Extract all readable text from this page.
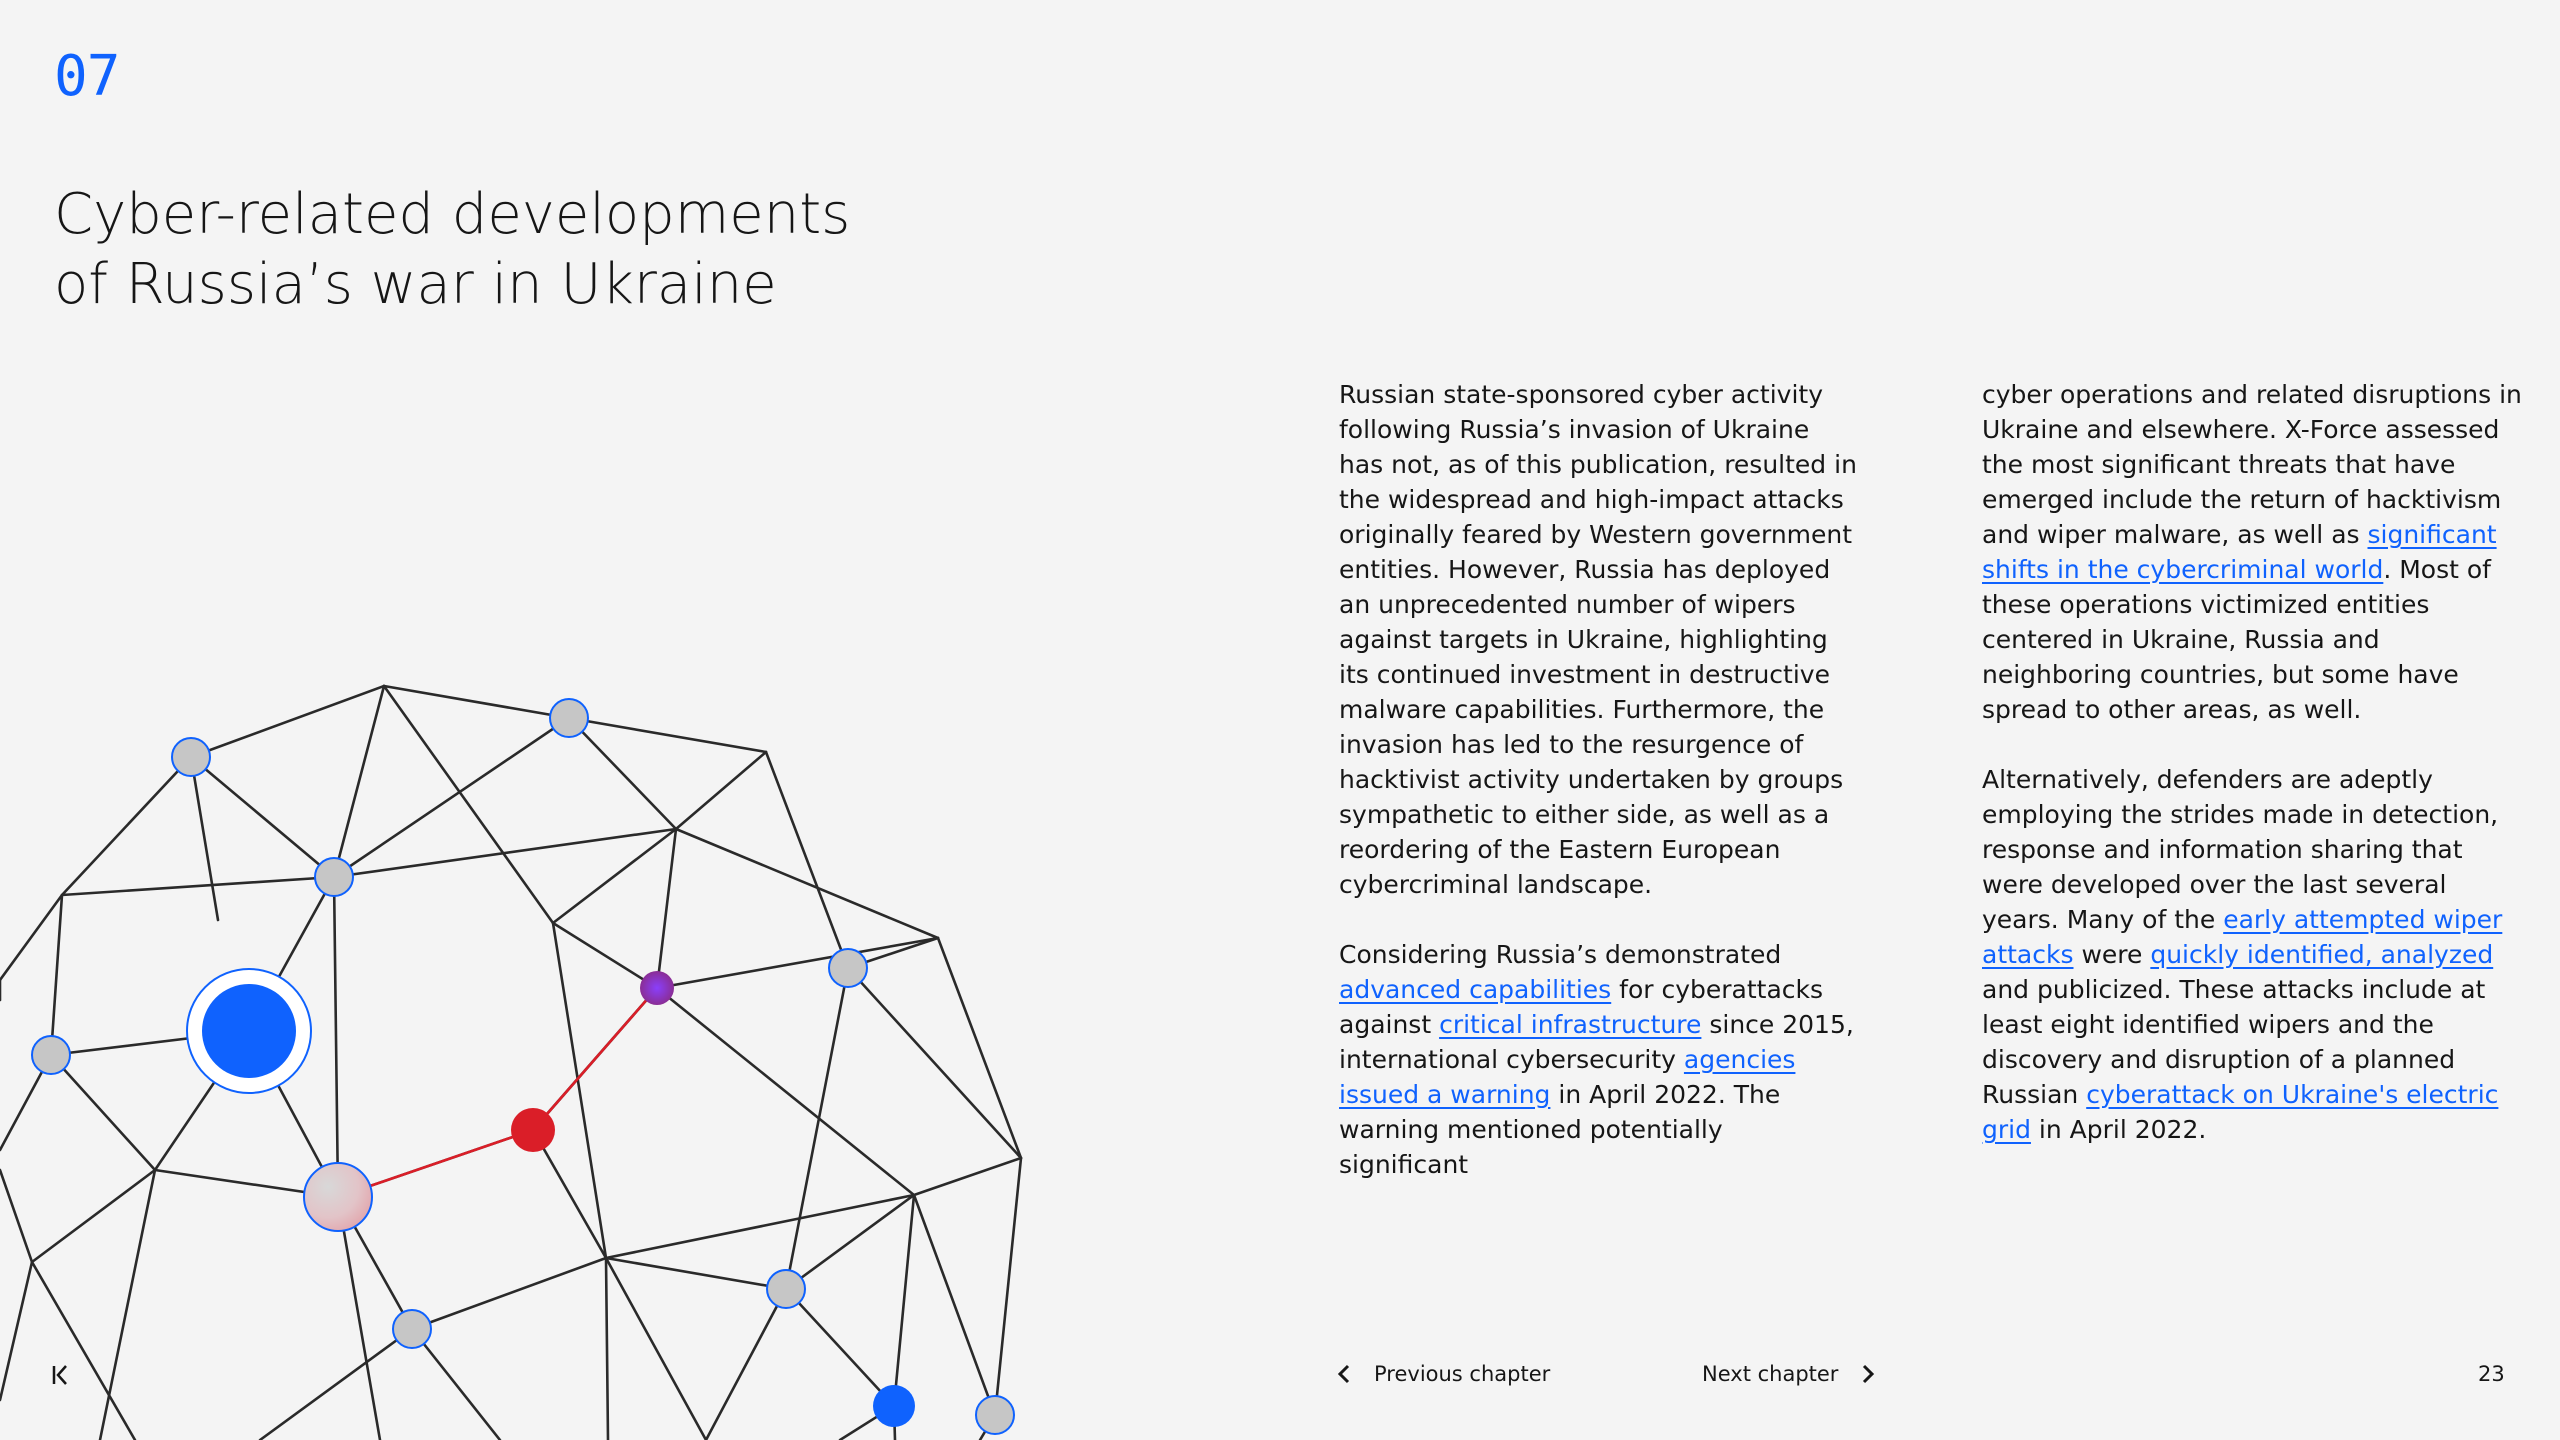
07
Cyber-related developments
of Russia’s war in Ukraine

Russian state-sponsored cyber activity following Russia’s invasion of Ukraine has not, as of this publication, resulted in the widespread and high-impact attacks originally feared by Western government entities. However, Russia has deployed an unprecedented number of wipers against targets in Ukraine, highlighting its continued investment in destructive malware capabilities. Furthermore, the invasion has led to the resurgence of hacktivist activity undertaken by groups sympathetic to either side, as well as a reordering of the Eastern European cybercriminal landscape.

Considering Russia’s demonstrated advanced capabilities for cyberattacks against critical infrastructure since 2015, international cybersecurity agencies issued a warning in April 2022. The warning mentioned potentially significant

cyber operations and related disruptions in Ukraine and elsewhere. X-Force assessed the most significant threats that have emerged include the return of hacktivism and wiper malware, as well as significant shifts in the cybercriminal world. Most of these operations victimized entities centered in Ukraine, Russia and neighboring countries, but some have spread to other areas, as well.

Alternatively, defenders are adeptly employing the strides made in detection, response and information sharing that were developed over the last several years. Many of the early attempted wiper attacks were quickly identified, analyzed and publicized. These attacks include at least eight identified wipers and the discovery and disruption of a planned Russian cyberattack on Ukraine's electric grid in April 2022.

Previous chapter	Next chapter	23
